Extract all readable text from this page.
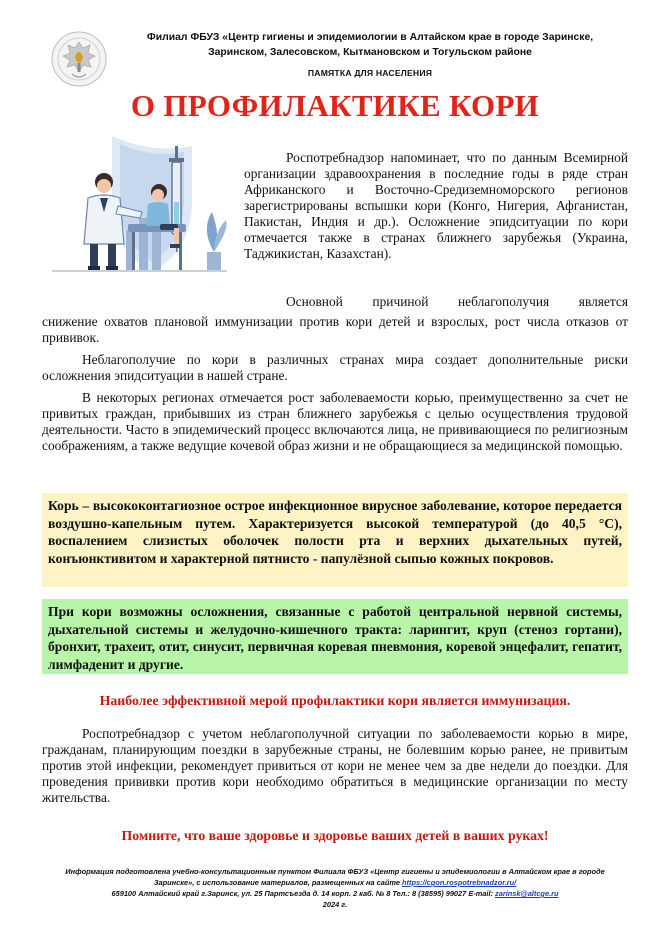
Филиал ФБУЗ «Центр гигиены и эпидемиологии в Алтайском крае в городе Заринске, Заринском, Залесовском, Кытмановском и Тогульском районе
ПАМЯТКА ДЛЯ НАСЕЛЕНИЯ
О ПРОФИЛАКТИКЕ КОРИ
Роспотребнадзор напоминает, что по данным Всемирной организации здравоохранения в последние годы в ряде стран Африканского и Восточно-Средиземноморского регионов зарегистрированы вспышки кори (Конго, Нигерия, Афганистан, Пакистан, Индия и др.). Осложнение эпидситуации по кори отмечается также в странах ближнего зарубежья (Украина, Таджикистан, Казахстан).
Основной причиной неблагополучия является
снижение охватов плановой иммунизации против кори детей и взрослых, рост числа отказов от прививок.
Неблагополучие по кори в различных странах мира создает дополнительные риски осложнения эпидситуации в нашей стране.
В некоторых регионах отмечается рост заболеваемости корью, преимущественно за счет не привитых граждан, прибывших из стран ближнего зарубежья с целью осуществления трудовой деятельности. Часто в эпидемический процесс включаются лица, не прививающиеся по религиозным соображениям, а также ведущие кочевой образ жизни и не обращающиеся за медицинской помощью.
Корь – высококонтагиозное острое инфекционное вирусное заболевание, которое передается воздушно-капельным путем. Характеризуется высокой температурой (до 40,5 °С), воспалением слизистых оболочек полости рта и верхних дыхательных путей, конъюнктивитом и характерной пятнисто - папулёзной сыпью кожных покровов.
При кори возможны осложнения, связанные с работой центральной нервной системы, дыхательной системы и желудочно-кишечного тракта: ларингит, круп (стеноз гортани), бронхит, трахеит, отит, синусит, первичная коревая пневмония, коревой энцефалит, гепатит, лимфаденит и другие.
Наиболее эффективной мерой профилактики кори является иммунизация.
Роспотребнадзор с учетом неблагополучной ситуации по заболеваемости корью в мире, гражданам, планирующим поездки в зарубежные страны, не болевшим корью ранее, не привитым против этой инфекции, рекомендует привиться от кори не менее чем за две недели до поездки. Для проведения прививки против кори необходимо обратиться в медицинские организации по месту жительства.
Помните, что ваше здоровье и здоровье ваших детей в ваших руках!
Информация подготовлена учебно-консультационным пунктом Филиала ФБУЗ «Центр гигиены и эпидемиологии в Алтайском крае в городе
Заринске», с использование материалов, размещенных на сайте https://cgon.rospotrebnadzor.ru/
659100 Алтайский край г.Заринск, ул. 25 Партсъезда д. 14 корп. 2 каб. № 8 Тел.: 8 (38595) 99027 E-mail: zarinsk@altcge.ru
2024 г.
